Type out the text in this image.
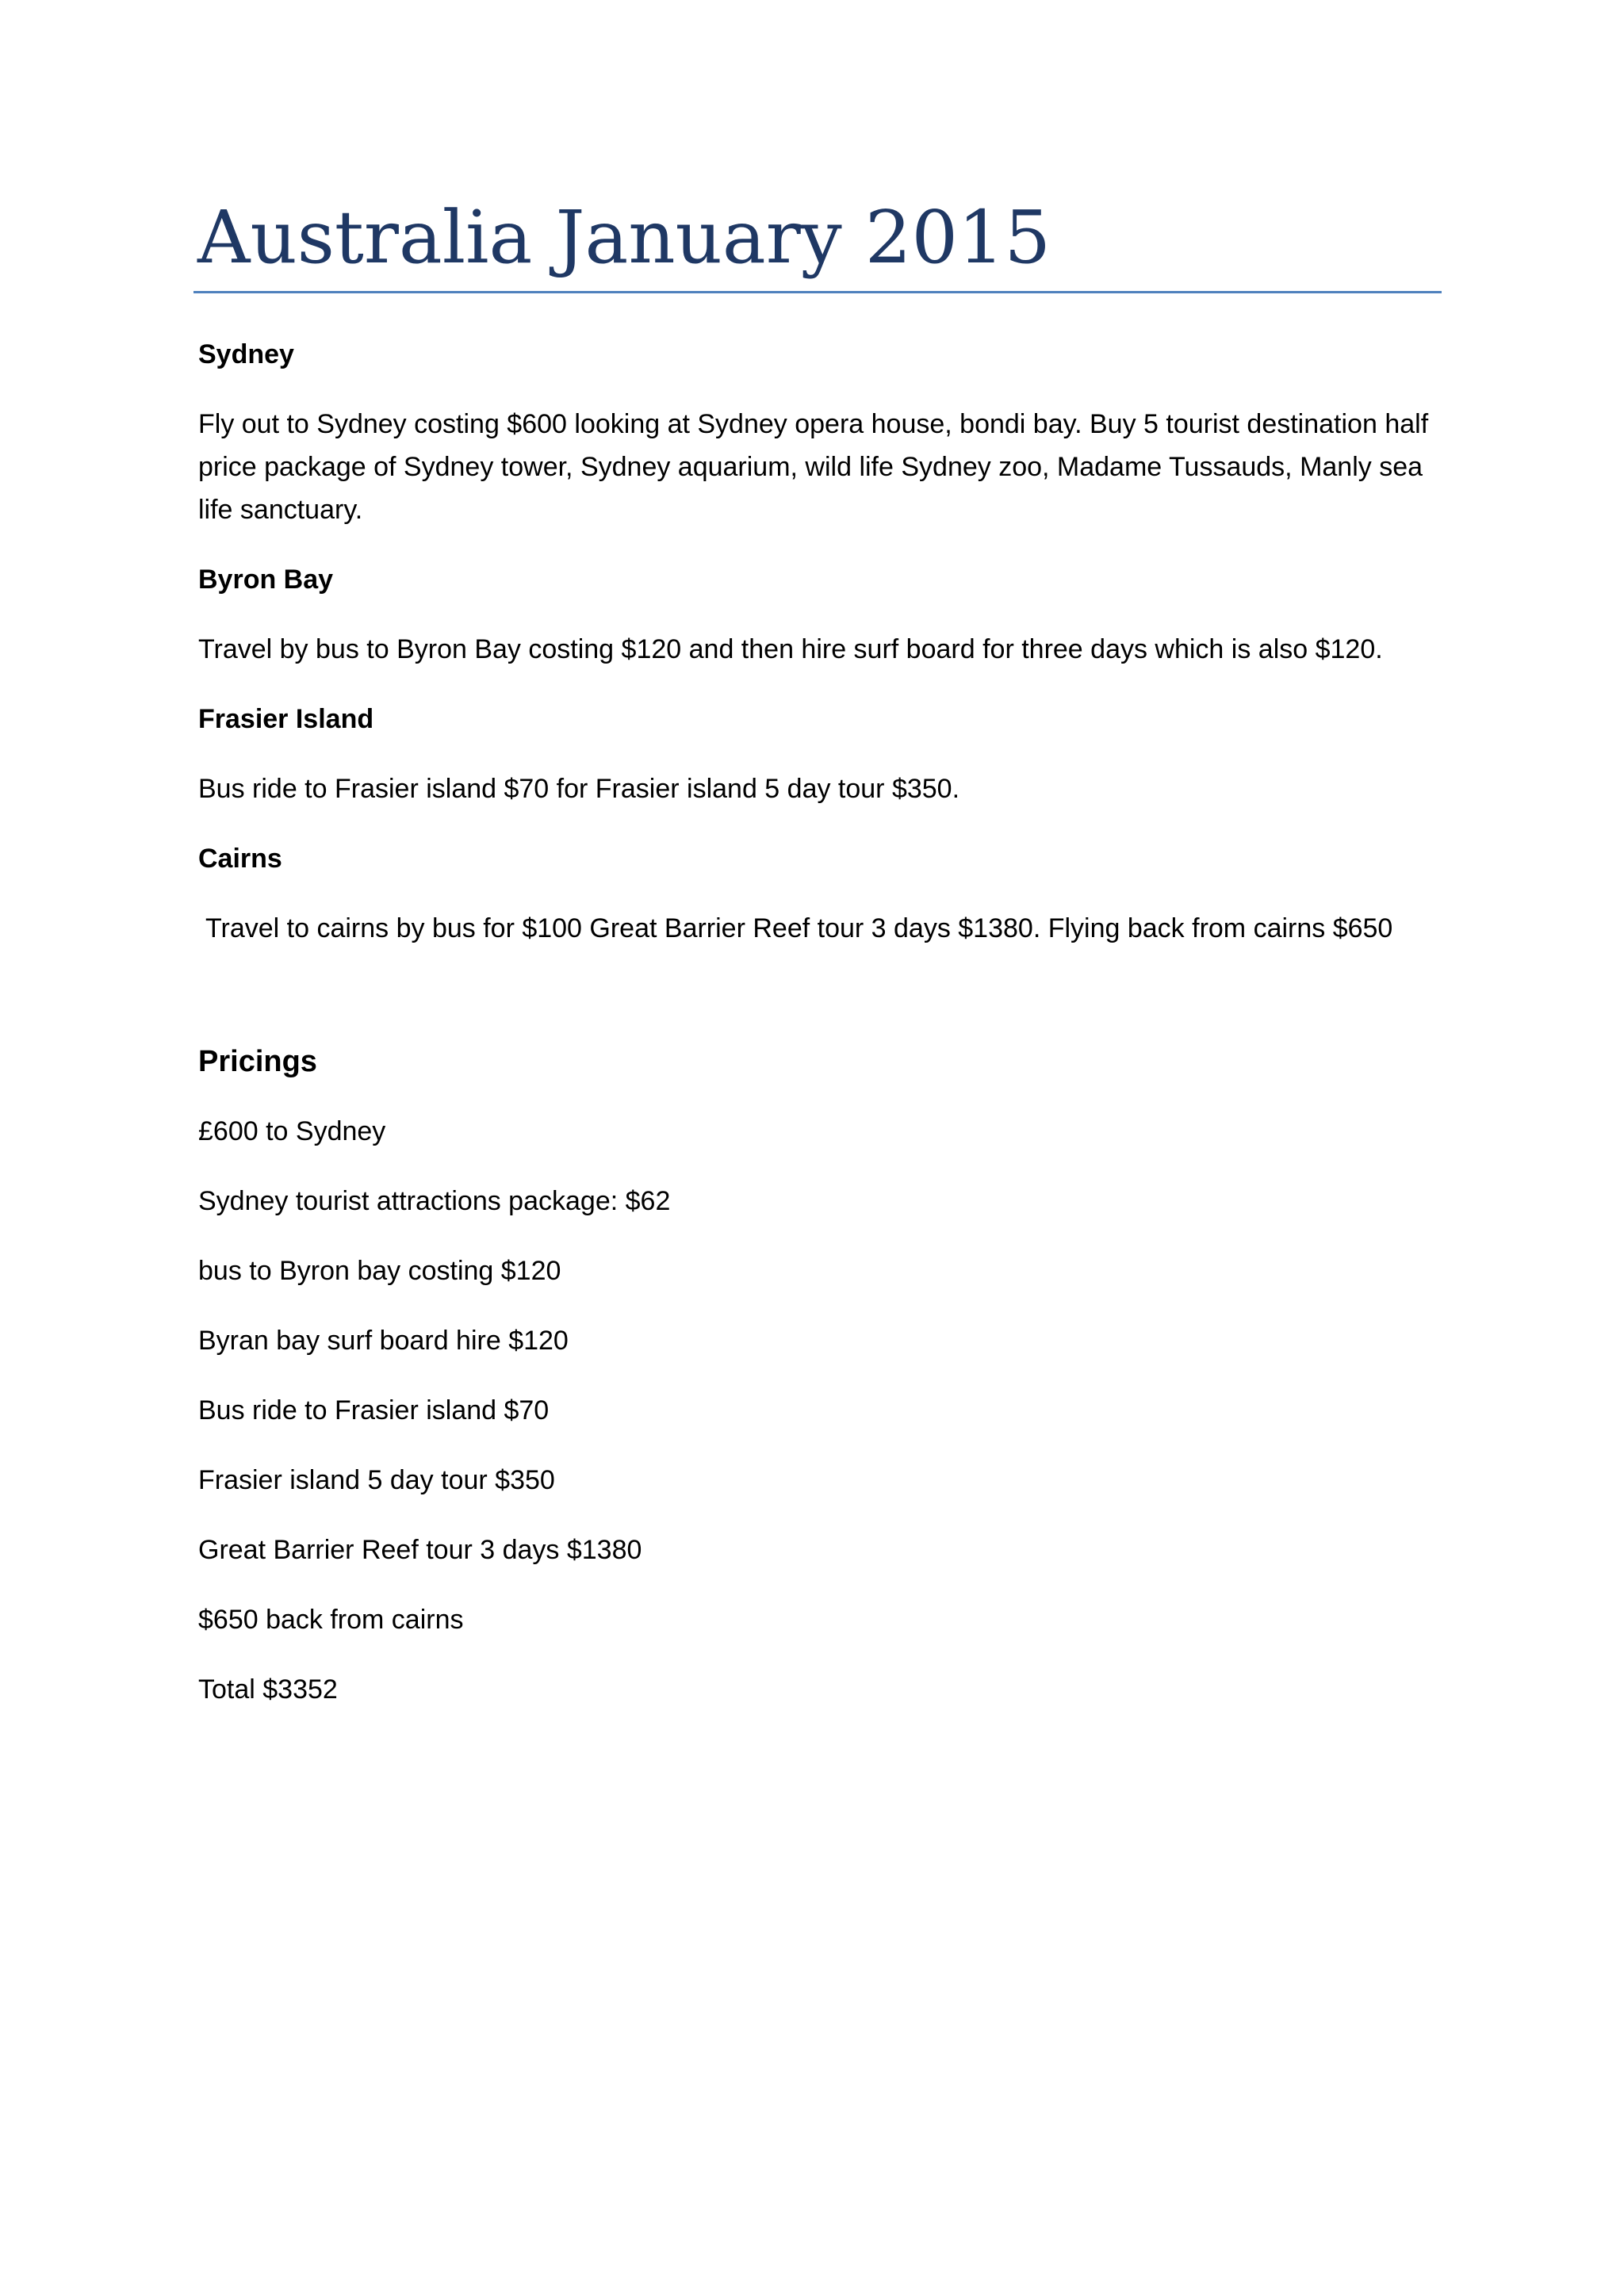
Australia January 2015

Sydney

Fly out to Sydney costing $600 looking at Sydney opera house, bondi bay. Buy 5 tourist destination half price package of Sydney tower, Sydney aquarium, wild life Sydney zoo, Madame Tussauds, Manly sea life sanctuary.

Byron Bay

Travel by bus to Byron Bay costing $120 and then hire surf board for three days which is also $120.

Frasier Island

Bus ride to Frasier island $70 for Frasier island 5 day tour $350.

Cairns

Travel to cairns by bus for $100 Great Barrier Reef tour 3 days $1380. Flying back from cairns $650

Pricings

£600 to Sydney

Sydney tourist attractions package: $62

bus to Byron bay costing $120

Byran bay surf board hire $120

Bus ride to Frasier island $70

Frasier island 5 day tour $350

Great Barrier Reef tour 3 days $1380

$650 back from cairns

Total $3352
